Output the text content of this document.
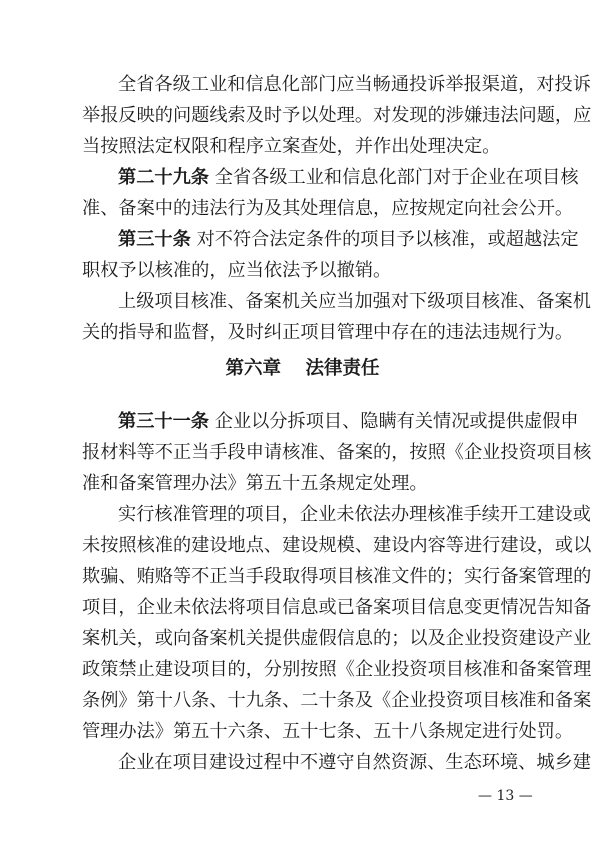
全省各级工业和信息化部门应当畅通投诉举报渠道，对投诉
举报反映的问题线索及时予以处理。对发现的涉嫌违法问题，应
当按照法定权限和程序立案查处，并作出处理决定。
第二十九条 全省各级工业和信息化部门对于企业在项目核
准、备案中的违法行为及其处理信息，应按规定向社会公开。
第三十条 对不符合法定条件的项目予以核准，或超越法定
职权予以核准的，应当依法予以撤销。
上级项目核准、备案机关应当加强对下级项目核准、备案机
第六章 法律责任
第三十一条 企业以分拆项目、隐瞒有关情况或提供虚假申
报材料等不正当手段申请核准、备案的，按照《企业投资项目核
准和备案管理办法》第五十五条规定处理。
实行核准管理的项目，企业未依法办理核准手续开工建设或
未按照核准的建设地点、建设规模、建设内容等进行建设，或以
欺骗、贿赂等不正当手段取得项目核准文件的；实行备案管理的
项目，企业未依法将项目信息或已备案项目信息变更情况告知备
案机关，或向备案机关提供虚假信息的；以及企业投资建设产业
政策禁止建设项目的，分别按照《企业投资项目核准和备案管理
条例》第十八条、十九条、二十条及《企业投资项目核准和备案
管理办法》第五十六条、五十七条、五十八条规定进行处罚。
— 13 —
关的指导和监督，及时纠正项目管理中存在的违法违规行为。
企业在项目建设过程中不遵守自然资源、生态环境、城乡建
